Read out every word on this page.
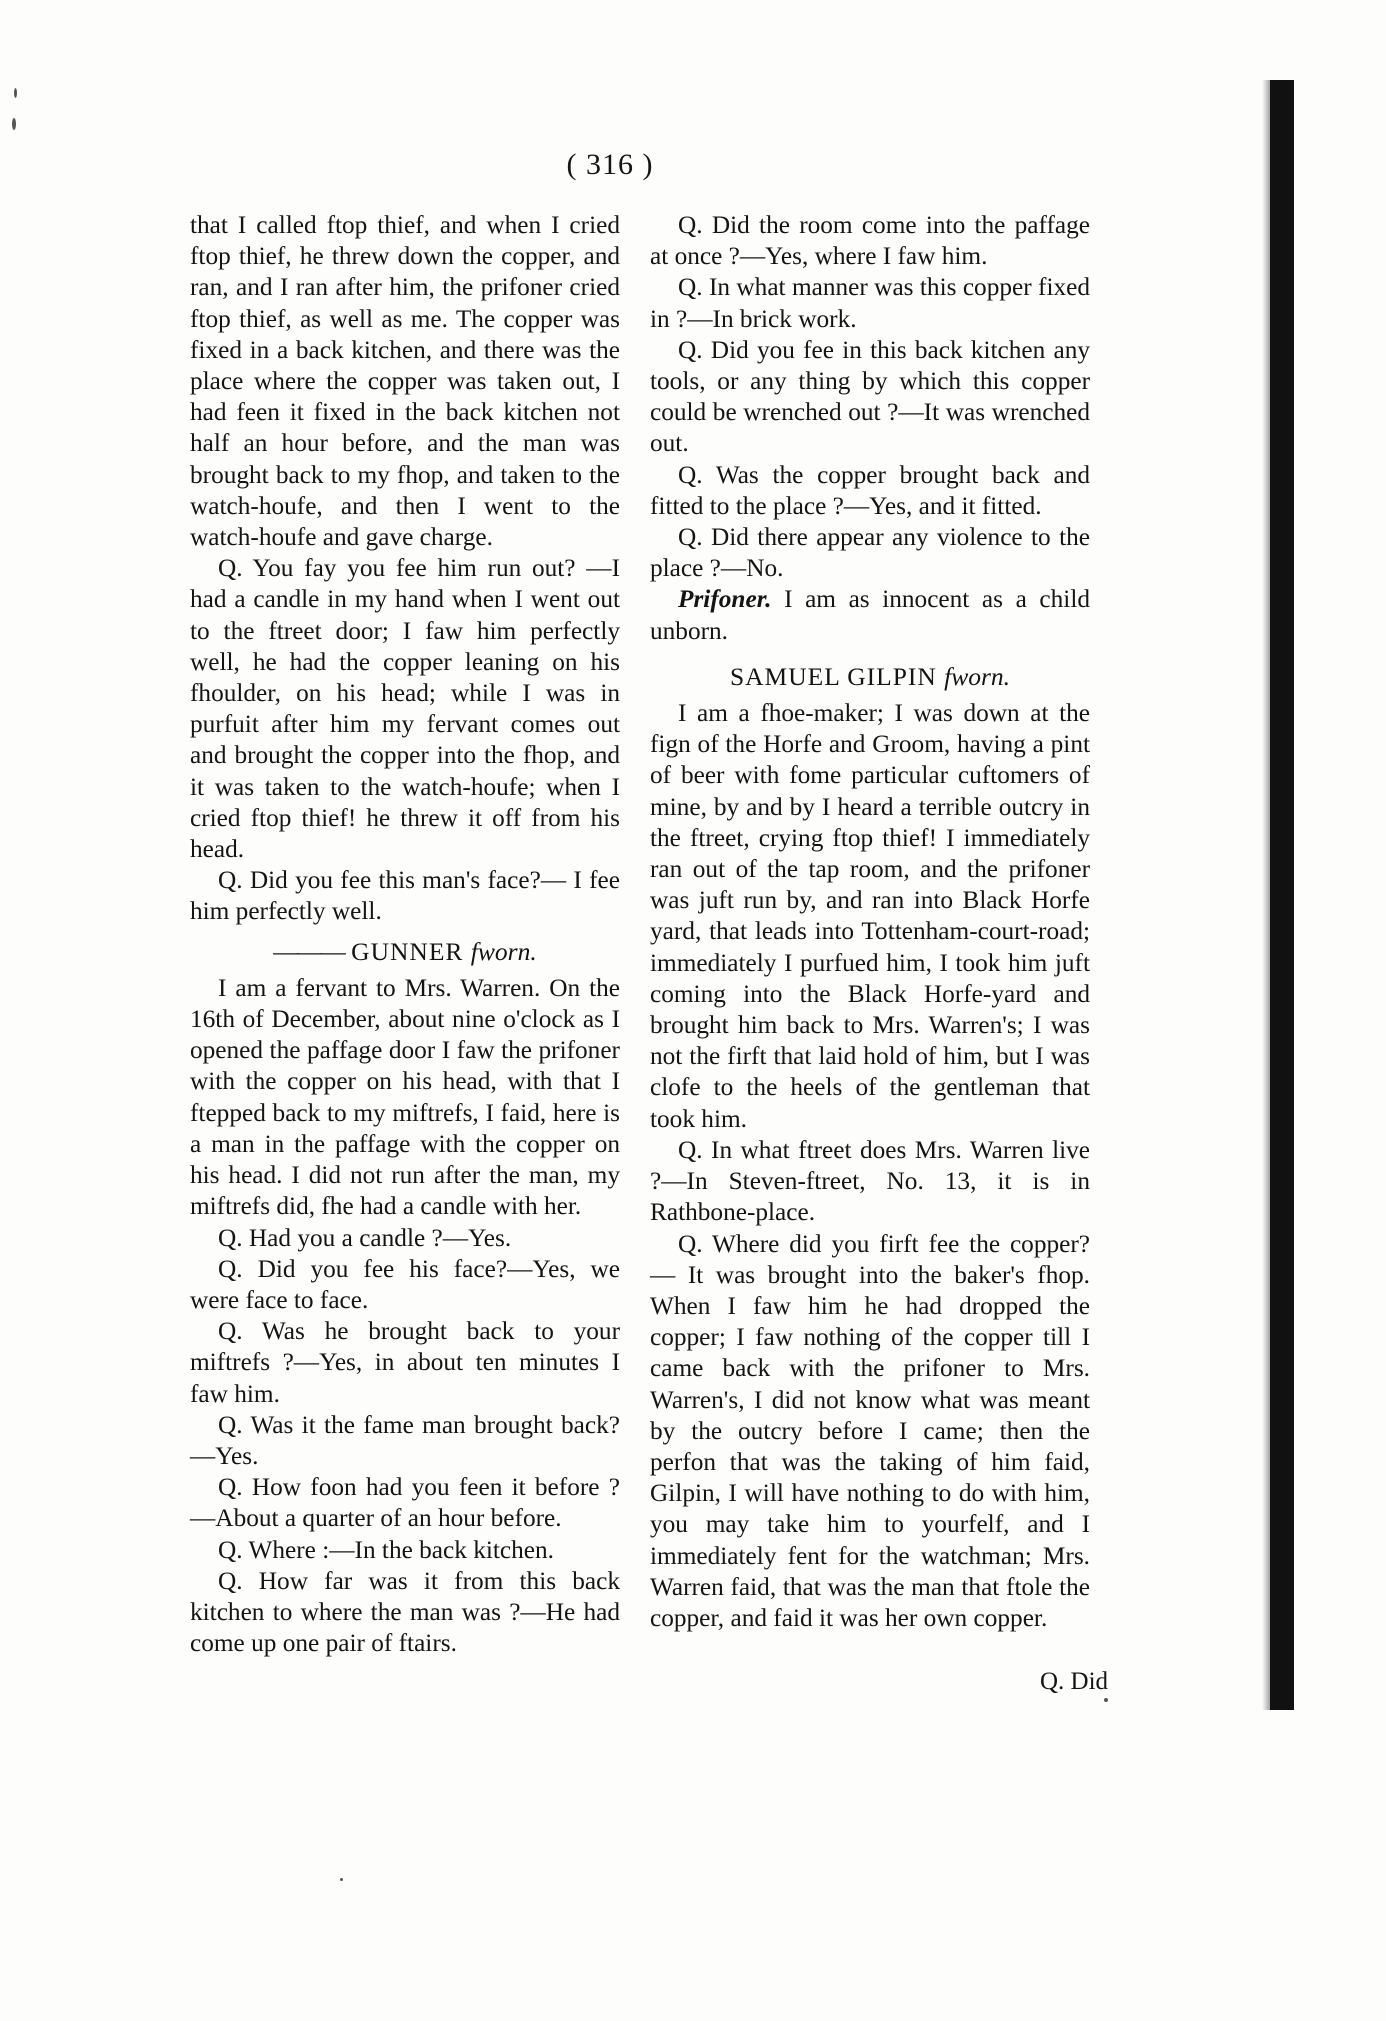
( 316 )

that I called ftop thief, and when I cried ftop thief, he threw down the copper, and ran, and I ran after him, the prifoner cried ftop thief, as well as me. The copper was fixed in a back kitchen, and there was the place where the copper was taken out, I had feen it fixed in the back kitchen not half an hour before, and the man was brought back to my fhop, and taken to the watch-houfe, and then I went to the watch-houfe and gave charge.

Q. You fay you fee him run out? —I had a candle in my hand when I went out to the ftreet door; I faw him perfectly well, he had the copper leaning on his fhoulder, on his head; while I was in purfuit after him my fervant comes out and brought the copper into the fhop, and it was taken to the watch-houfe; when I cried ftop thief! he threw it off from his head.

Q. Did you fee this man's face?— I fee him perfectly well.

——— GUNNER fworn.

I am a fervant to Mrs. Warren. On the 16th of December, about nine o'clock as I opened the paffage door I faw the prifoner with the copper on his head, with that I ftepped back to my miftrefs, I faid, here is a man in the paffage with the copper on his head. I did not run after the man, my miftrefs did, fhe had a candle with her.

Q. Had you a candle ?—Yes.

Q. Did you fee his face?—Yes, we were face to face.

Q. Was he brought back to your miftrefs ?—Yes, in about ten minutes I faw him.

Q. Was it the fame man brought back? —Yes.

Q. How foon had you feen it before ? —About a quarter of an hour before.

Q. Where :—In the back kitchen.

Q. How far was it from this back kitchen to where the man was ?—He had come up one pair of ftairs.

Q. Did the room come into the paffage at once ?—Yes, where I faw him.

Q. In what manner was this copper fixed in ?—In brick work.

Q. Did you fee in this back kitchen any tools, or any thing by which this copper could be wrenched out ?—It was wrenched out.

Q. Was the copper brought back and fitted to the place ?—Yes, and it fitted.

Q. Did there appear any violence to the place ?—No.

Prifoner. I am as innocent as a child unborn.

SAMUEL GILPIN fworn.

I am a fhoe-maker; I was down at the fign of the Horfe and Groom, having a pint of beer with fome particular cuftomers of mine, by and by I heard a terrible outcry in the ftreet, crying ftop thief! I immediately ran out of the tap room, and the prifoner was juft run by, and ran into Black Horfe yard, that leads into Tottenham-court-road; immediately I purfued him, I took him juft coming into the Black Horfe-yard and brought him back to Mrs. Warren's; I was not the firft that laid hold of him, but I was clofe to the heels of the gentleman that took him.

Q. In what ftreet does Mrs. Warren live ?—In Steven-ftreet, No. 13, it is in Rathbone-place.

Q. Where did you firft fee the copper? — It was brought into the baker's fhop. When I faw him he had dropped the copper; I faw nothing of the copper till I came back with the prifoner to Mrs. Warren's, I did not know what was meant by the outcry before I came; then the perfon that was the taking of him faid, Gilpin, I will have nothing to do with him, you may take him to yourfelf, and I immediately fent for the watchman; Mrs. Warren faid, that was the man that ftole the copper, and faid it was her own copper.

Q. Did
